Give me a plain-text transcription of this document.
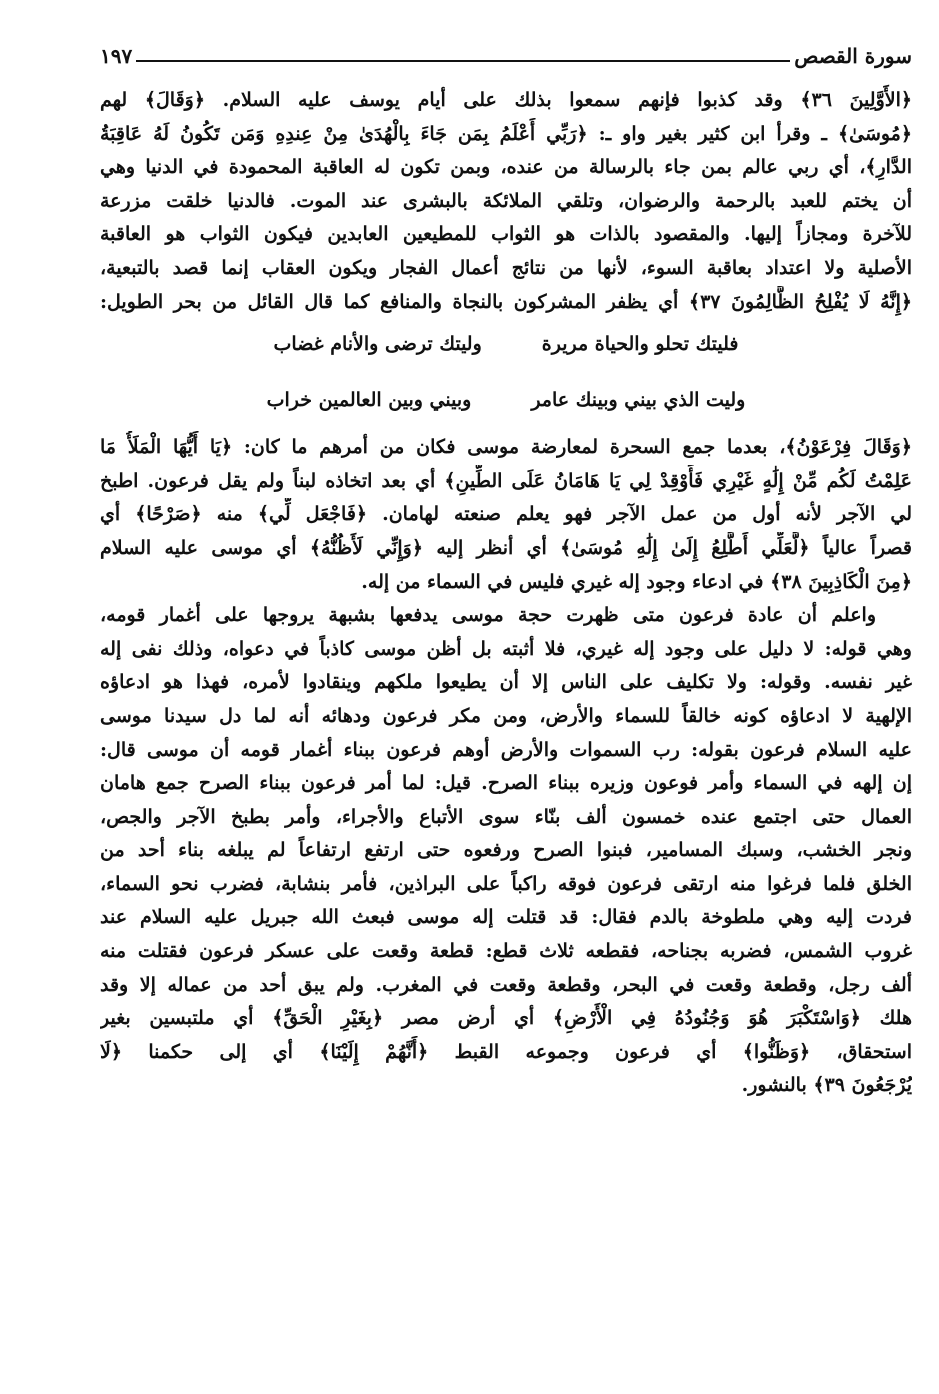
سورة القصص
١٩٧
﴿الأَوَّلِينَ ٣٦﴾ وقد كذبوا فإنهم سمعوا بذلك على أيام يوسف عليه السلام. ﴿وَقَالَ﴾ لهم
﴿مُوسَىٰ﴾ ـ وقرأ ابن كثير بغير واو ـ: ﴿رَبِّي أَعْلَمُ بِمَن جَاءَ بِالْهُدَىٰ مِنْ عِندِهِ وَمَن تَكُونُ لَهُ عَاقِبَةُ
الدَّارِ﴾، أي ربي عالم بمن جاء بالرسالة من عنده، وبمن تكون له العاقبة المحمودة في الدنيا وهي
أن يختم للعبد بالرحمة والرضوان، وتلقي الملائكة بالبشرى عند الموت. فالدنيا خلقت مزرعة
للآخرة ومجازاً إليها. والمقصود بالذات هو الثواب للمطيعين العابدين فيكون الثواب هو العاقبة
الأصلية ولا اعتداد بعاقبة السوء، لأنها من نتائج أعمال الفجار ويكون العقاب إنما قصد بالتبعية،
﴿إِنَّهُ لَا يُفْلِحُ الظَّالِمُونَ ٣٧﴾ أي يظفر المشركون بالنجاة والمنافع كما قال القائل من بحر الطويل:
فليتك تحلو والحياة مريرة
وليتك ترضى والأنام غضاب
وليت الذي بيني وبينك عامر
وبيني وبين العالمين خراب
﴿وَقَالَ فِرْعَوْنُ﴾، بعدما جمع السحرة لمعارضة موسى فكان من أمرهم ما كان: ﴿يَا أَيُّهَا الْمَلَأُ مَا
عَلِمْتُ لَكُم مِّنْ إِلَٰهٍ غَيْرِي فَأَوْقِدْ لِي يَا هَامَانُ عَلَى الطِّينِ﴾ أي بعد اتخاذه لبناً ولم يقل فرعون. اطبخ
لي الآجر لأنه أول من عمل الآجر فهو يعلم صنعته لهامان. ﴿فَاجْعَل لِّي﴾ منه ﴿صَرْحًا﴾ أي
قصراً عالياً ﴿لَّعَلِّي أَطَّلِعُ إِلَىٰ إِلَٰهِ مُوسَىٰ﴾ أي أنظر إليه ﴿وَإِنِّي لَأَظُنُّهُ﴾ أي موسى عليه السلام
﴿مِنَ الْكَاذِبِينَ ٣٨﴾ في ادعاء وجود إله غيري فليس في السماء من إله.
واعلم أن عادة فرعون متى ظهرت حجة موسى يدفعها بشبهة يروجها على أغمار قومه،
وهي قوله: لا دليل على وجود إله غيري، فلا أثبته بل أظن موسى كاذباً في دعواه، وذلك نفى إله
غير نفسه. وقوله: ولا تكليف على الناس إلا أن يطيعوا ملكهم وينقادوا لأمره، فهذا هو ادعاؤه
الإلهية لا ادعاؤه كونه خالقاً للسماء والأرض، ومن مكر فرعون ودهائه أنه لما دل سيدنا موسى
عليه السلام فرعون بقوله: رب السموات والأرض أوهم فرعون ببناء أغمار قومه أن موسى قال:
إن إلهه في السماء وأمر فوعون وزيره ببناء الصرح. قيل: لما أمر فرعون ببناء الصرح جمع هامان
العمال حتى اجتمع عنده خمسون ألف بنّاء سوى الأتباع والأجراء، وأمر بطبخ الآجر والجص،
ونجر الخشب، وسبك المسامير، فبنوا الصرح ورفعوه حتى ارتفع ارتفاعاً لم يبلغه بناء أحد من
الخلق فلما فرغوا منه ارتقى فرعون فوقه راكباً على البراذين، فأمر بنشابة، فضرب نحو السماء،
فردت إليه وهي ملطوخة بالدم فقال: قد قتلت إله موسى فبعث الله جبريل عليه السلام عند
غروب الشمس، فضربه بجناحه، فقطعه ثلاث قطع: قطعة وقعت على عسكر فرعون فقتلت منه
ألف رجل، وقطعة وقعت في البحر، وقطعة وقعت في المغرب. ولم يبق أحد من عماله إلا وقد
هلك ﴿وَاسْتَكْبَرَ هُوَ وَجُنُودُهُ فِي الْأَرْضِ﴾ أي أرض مصر ﴿بِغَيْرِ الْحَقِّ﴾ أي ملتبسين بغير
استحقاق، ﴿وَظَنُّوا﴾ أي فرعون وجموعه القبط ﴿أَنَّهُمْ إِلَيْنَا﴾ أي إلى حكمنا ﴿لَا
يُرْجَعُونَ ٣٩﴾ بالنشور.
